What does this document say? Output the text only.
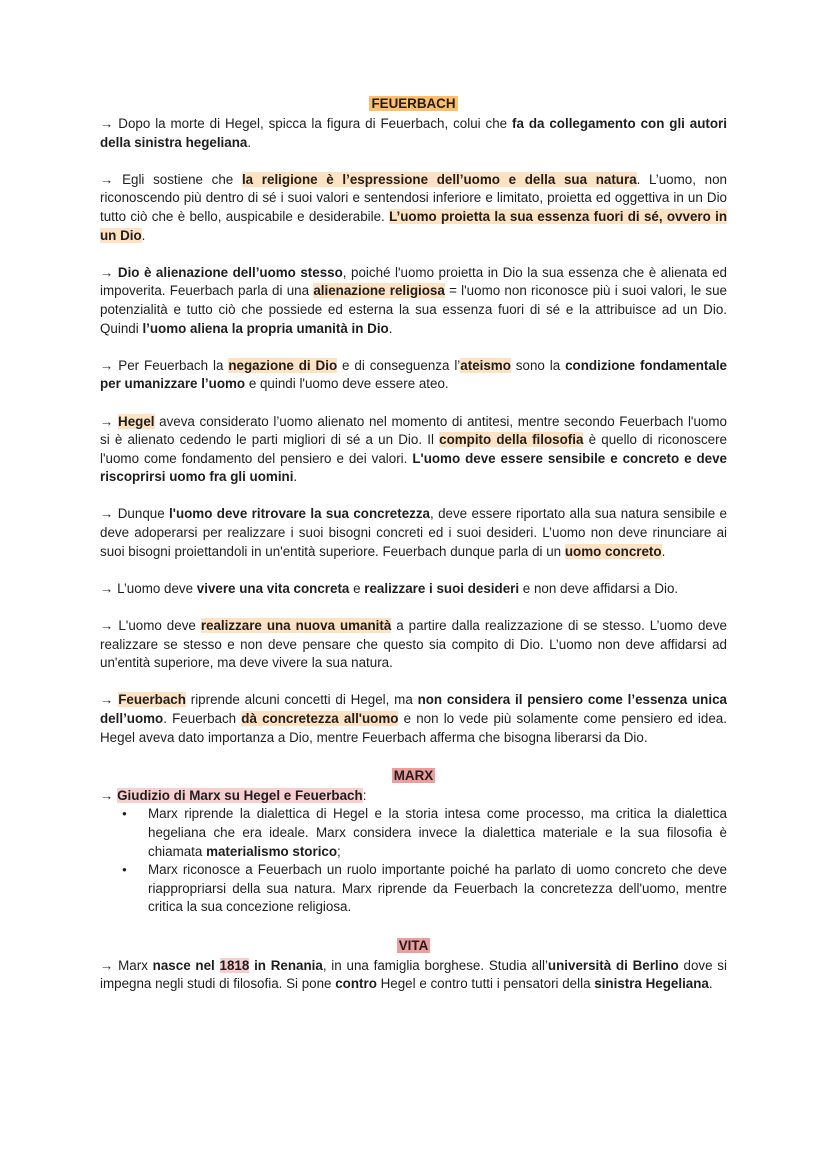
FEUERBACH

→ Dopo la morte di Hegel, spicca la figura di Feuerbach, colui che fa da collegamento con gli autori della sinistra hegeliana.

→ Egli sostiene che la religione è l’espressione dell’uomo e della sua natura. L’uomo, non riconoscendo più dentro di sé i suoi valori e sentendosi inferiore e limitato, proietta ed oggettiva in un Dio tutto ciò che è bello, auspicabile e desiderabile. L’uomo proietta la sua essenza fuori di sé, ovvero in un Dio.

→ Dio è alienazione dell’uomo stesso, poiché l'uomo proietta in Dio la sua essenza che è alienata ed impoverita. Feuerbach parla di una alienazione religiosa = l'uomo non riconosce più i suoi valori, le sue potenzialità e tutto ciò che possiede ed esterna la sua essenza fuori di sé e la attribuisce ad un Dio. Quindi l’uomo aliena la propria umanità in Dio.

→ Per Feuerbach la negazione di Dio e di conseguenza l’ateismo sono la condizione fondamentale per umanizzare l’uomo e quindi l'uomo deve essere ateo.

→ Hegel aveva considerato l’uomo alienato nel momento di antitesi, mentre secondo Feuerbach l'uomo si è alienato cedendo le parti migliori di sé a un Dio. Il compito della filosofia è quello di riconoscere l'uomo come fondamento del pensiero e dei valori. L'uomo deve essere sensibile e concreto e deve riscoprirsi uomo fra gli uomini.

→ Dunque l'uomo deve ritrovare la sua concretezza, deve essere riportato alla sua natura sensibile e deve adoperarsi per realizzare i suoi bisogni concreti ed i suoi desideri. L’uomo non deve rinunciare ai suoi bisogni proiettandoli in un'entità superiore. Feuerbach dunque parla di un uomo concreto.

→ L’uomo deve vivere una vita concreta e realizzare i suoi desideri e non deve affidarsi a Dio.

→ L'uomo deve realizzare una nuova umanità a partire dalla realizzazione di se stesso. L’uomo deve realizzare se stesso e non deve pensare che questo sia compito di Dio. L’uomo non deve affidarsi ad un'entità superiore, ma deve vivere la sua natura.

→ Feuerbach riprende alcuni concetti di Hegel, ma non considera il pensiero come l’essenza unica dell’uomo. Feuerbach dà concretezza all'uomo e non lo vede più solamente come pensiero ed idea. Hegel aveva dato importanza a Dio, mentre Feuerbach afferma che bisogna liberarsi da Dio.

MARX

→ Giudizio di Marx su Hegel e Feuerbach:

● Marx riprende la dialettica di Hegel e la storia intesa come processo, ma critica la dialettica hegeliana che era ideale. Marx considera invece la dialettica materiale e la sua filosofia è chiamata materialismo storico;
● Marx riconosce a Feuerbach un ruolo importante poiché ha parlato di uomo concreto che deve riappropriarsi della sua natura. Marx riprende da Feuerbach la concretezza dell'uomo, mentre critica la sua concezione religiosa.
VITA

→ Marx nasce nel 1818 in Renania, in una famiglia borghese. Studia all’università di Berlino dove si impegna negli studi di filosofia. Si pone contro Hegel e contro tutti i pensatori della sinistra Hegeliana.
